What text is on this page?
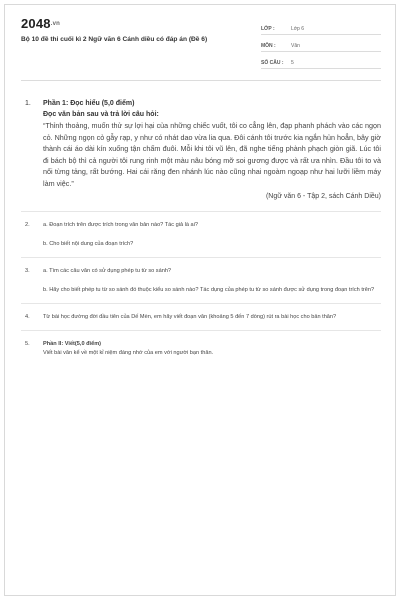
$2048^{.vn}$
Bộ 10 đề thi cuối kì 2 Ngữ văn 6 Cánh diều có đáp án (Đề 6)
LỚP :	Lớp 6
MÔN :	Văn
SỐ CÂU :	5
1.	Phần 1: Đọc hiểu (5,0 điểm)
Đọc văn bản sau và trả lời câu hỏi:
“Thỉnh thoảng, muốn thử sự lợi hại của những chiếc vuốt, tôi co cẳng lên, đạp phanh phách vào các ngọn cỏ. Những ngọn cỏ gẫy rạp, y như có nhát dao vừa lia qua. Đôi cánh tôi trước kia ngắn hủn hoẳn, bây giờ thành cái áo dài kín xuống tận chấm đuôi. Mỗi khi tôi vũ lên, đã nghe tiếng phành phạch giòn giã. Lúc tôi đi bách bộ thì cả người tôi rung rinh một màu nâu bóng mỡ soi gương được và rất ưa nhìn. Đầu tôi to và nổi từng tảng, rất bướng. Hai cái răng đen nhánh lúc nào cũng nhai ngoàm ngoạp như hai lưỡi liềm máy làm việc.”
(Ngữ văn 6 - Tập 2, sách Cánh Diều)
2.	a. Đoạn trích trên được trích trong văn bản nào? Tác giả là ai?
b. Cho biết nội dung của đoạn trích?
3.	a. Tìm các câu văn có sử dụng phép tu từ so sánh?
b. Hãy cho biết phép tu từ so sánh đó thuộc kiểu so sánh nào? Tác dụng của phép tu từ so sánh được sử dụng trong đoạn trích trên?
4.	Từ bài học đường đời đầu tiên của Dế Mèn, em hãy viết đoạn văn (khoảng 5 đến 7 dòng) rút ra bài học cho bản thân?
5.	Phần II: Viết(5,0 điểm)
Viết bài văn kể về một kỉ niệm đáng nhớ của em với người bạn thân.
